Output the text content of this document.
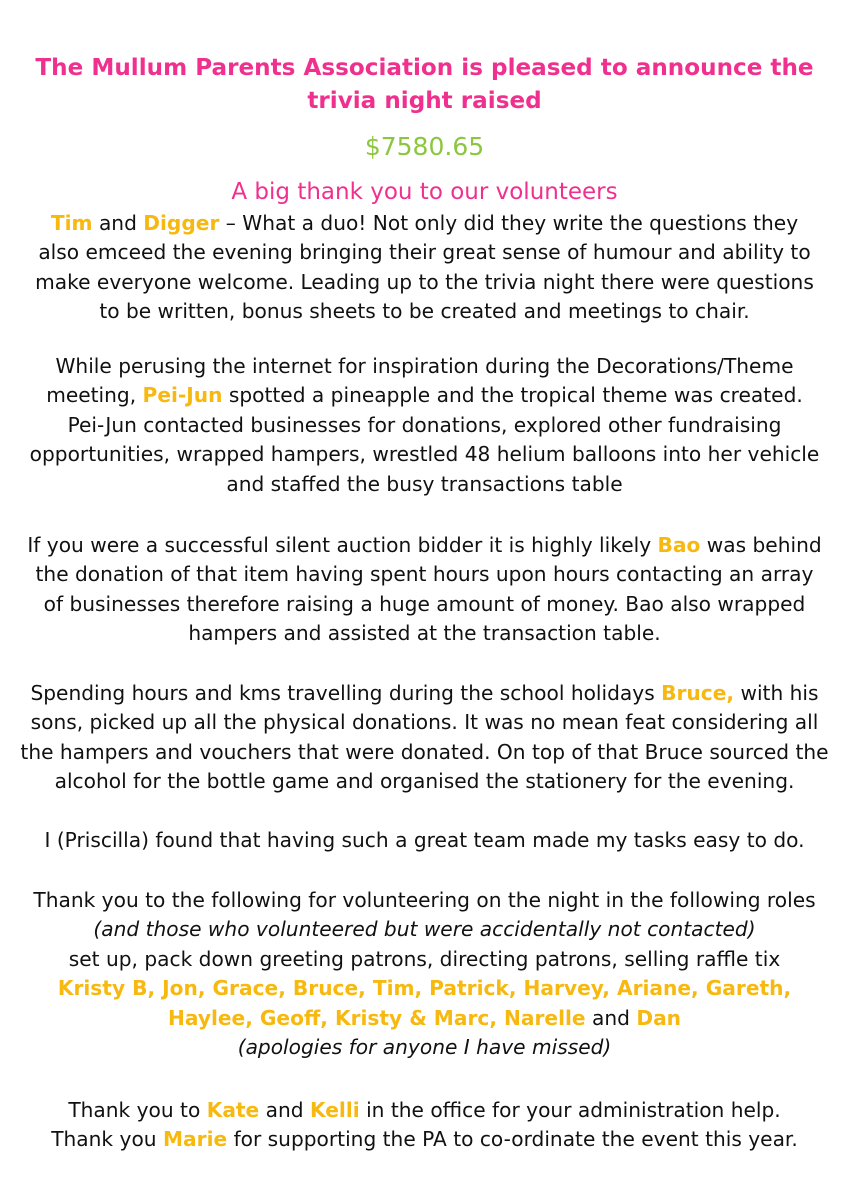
The Mullum Parents Association is pleased to announce the
trivia night raised
$7580.65
A big thank you to our volunteers
Tim and Digger – What a duo! Not only did they write the questions they
also emceed the evening bringing their great sense of humour and ability to
make everyone welcome. Leading up to the trivia night there were questions
to be written, bonus sheets to be created and meetings to chair.
While perusing the internet for inspiration during the Decorations/Theme
meeting, Pei-Jun spotted a pineapple and the tropical theme was created.
Pei-Jun contacted businesses for donations, explored other fundraising
opportunities, wrapped hampers, wrestled 48 helium balloons into her vehicle
and staffed the busy transactions table
If you were a successful silent auction bidder it is highly likely Bao was behind
the donation of that item having spent hours upon hours contacting an array
of businesses therefore raising a huge amount of money. Bao also wrapped
hampers and assisted at the transaction table.
Spending hours and kms travelling during the school holidays Bruce, with his
sons, picked up all the physical donations. It was no mean feat considering all
the hampers and vouchers that were donated. On top of that Bruce sourced the
alcohol for the bottle game and organised the stationery for the evening.
I (Priscilla) found that having such a great team made my tasks easy to do.
Thank you to the following for volunteering on the night in the following roles
(and those who volunteered but were accidentally not contacted)
set up, pack down greeting patrons, directing patrons, selling raffle tix
Kristy B, Jon, Grace, Bruce, Tim, Patrick, Harvey, Ariane, Gareth,
Haylee, Geoff, Kristy & Marc, Narelle and Dan
(apologies for anyone I have missed)
Thank you to Kate and Kelli in the office for your administration help.
Thank you Marie for supporting the PA to co-ordinate the event this year.
